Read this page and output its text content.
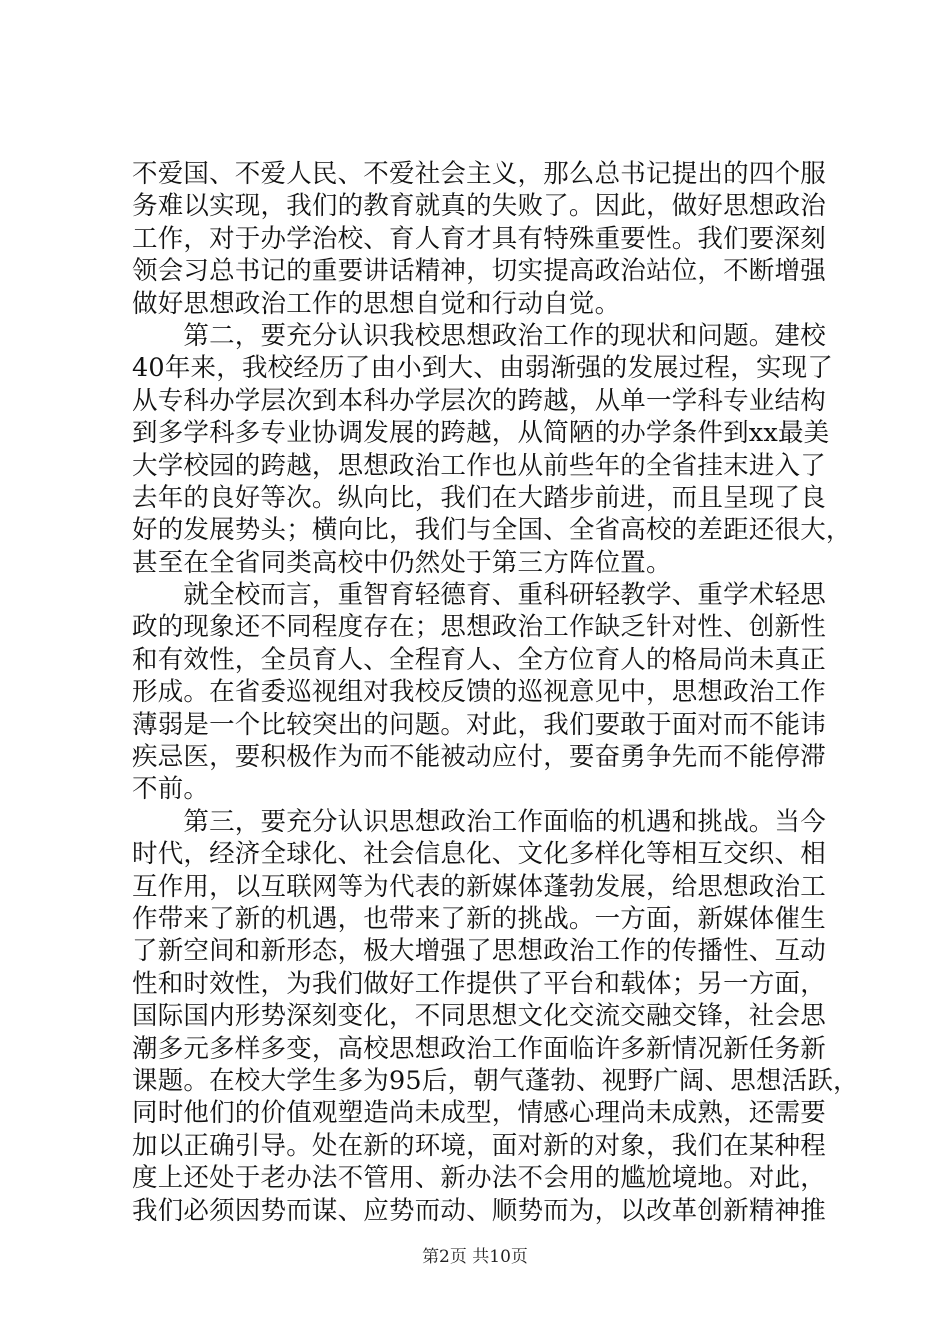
不爱国、不爱人民、不爱社会主义，那么总书记提出的四个服
务难以实现，我们的教育就真的失败了。因此，做好思想政治
工作，对于办学治校、育人育才具有特殊重要性。我们要深刻
领会习总书记的重要讲话精神，切实提高政治站位，不断增强
做好思想政治工作的思想自觉和行动自觉。
　　第二，要充分认识我校思想政治工作的现状和问题。建校
40年来，我校经历了由小到大、由弱渐强的发展过程，实现了
从专科办学层次到本科办学层次的跨越，从单一学科专业结构
到多学科多专业协调发展的跨越，从简陋的办学条件到xx最美
大学校园的跨越，思想政治工作也从前些年的全省挂末进入了
去年的良好等次。纵向比，我们在大踏步前进，而且呈现了良
好的发展势头；横向比，我们与全国、全省高校的差距还很大，
甚至在全省同类高校中仍然处于第三方阵位置。
　　就全校而言，重智育轻德育、重科研轻教学、重学术轻思
政的现象还不同程度存在；思想政治工作缺乏针对性、创新性
和有效性，全员育人、全程育人、全方位育人的格局尚未真正
形成。在省委巡视组对我校反馈的巡视意见中，思想政治工作
薄弱是一个比较突出的问题。对此，我们要敢于面对而不能讳
疾忌医，要积极作为而不能被动应付，要奋勇争先而不能停滞
不前。
　　第三，要充分认识思想政治工作面临的机遇和挑战。当今
时代，经济全球化、社会信息化、文化多样化等相互交织、相
互作用，以互联网等为代表的新媒体蓬勃发展，给思想政治工
作带来了新的机遇，也带来了新的挑战。一方面，新媒体催生
了新空间和新形态，极大增强了思想政治工作的传播性、互动
性和时效性，为我们做好工作提供了平台和载体；另一方面，
国际国内形势深刻变化，不同思想文化交流交融交锋，社会思
潮多元多样多变，高校思想政治工作面临许多新情况新任务新
课题。在校大学生多为95后，朝气蓬勃、视野广阔、思想活跃，
同时他们的价值观塑造尚未成型，情感心理尚未成熟，还需要
加以正确引导。处在新的环境，面对新的对象，我们在某种程
度上还处于老办法不管用、新办法不会用的尴尬境地。对此，
我们必须因势而谋、应势而动、顺势而为，以改革创新精神推
第2页 共10页
